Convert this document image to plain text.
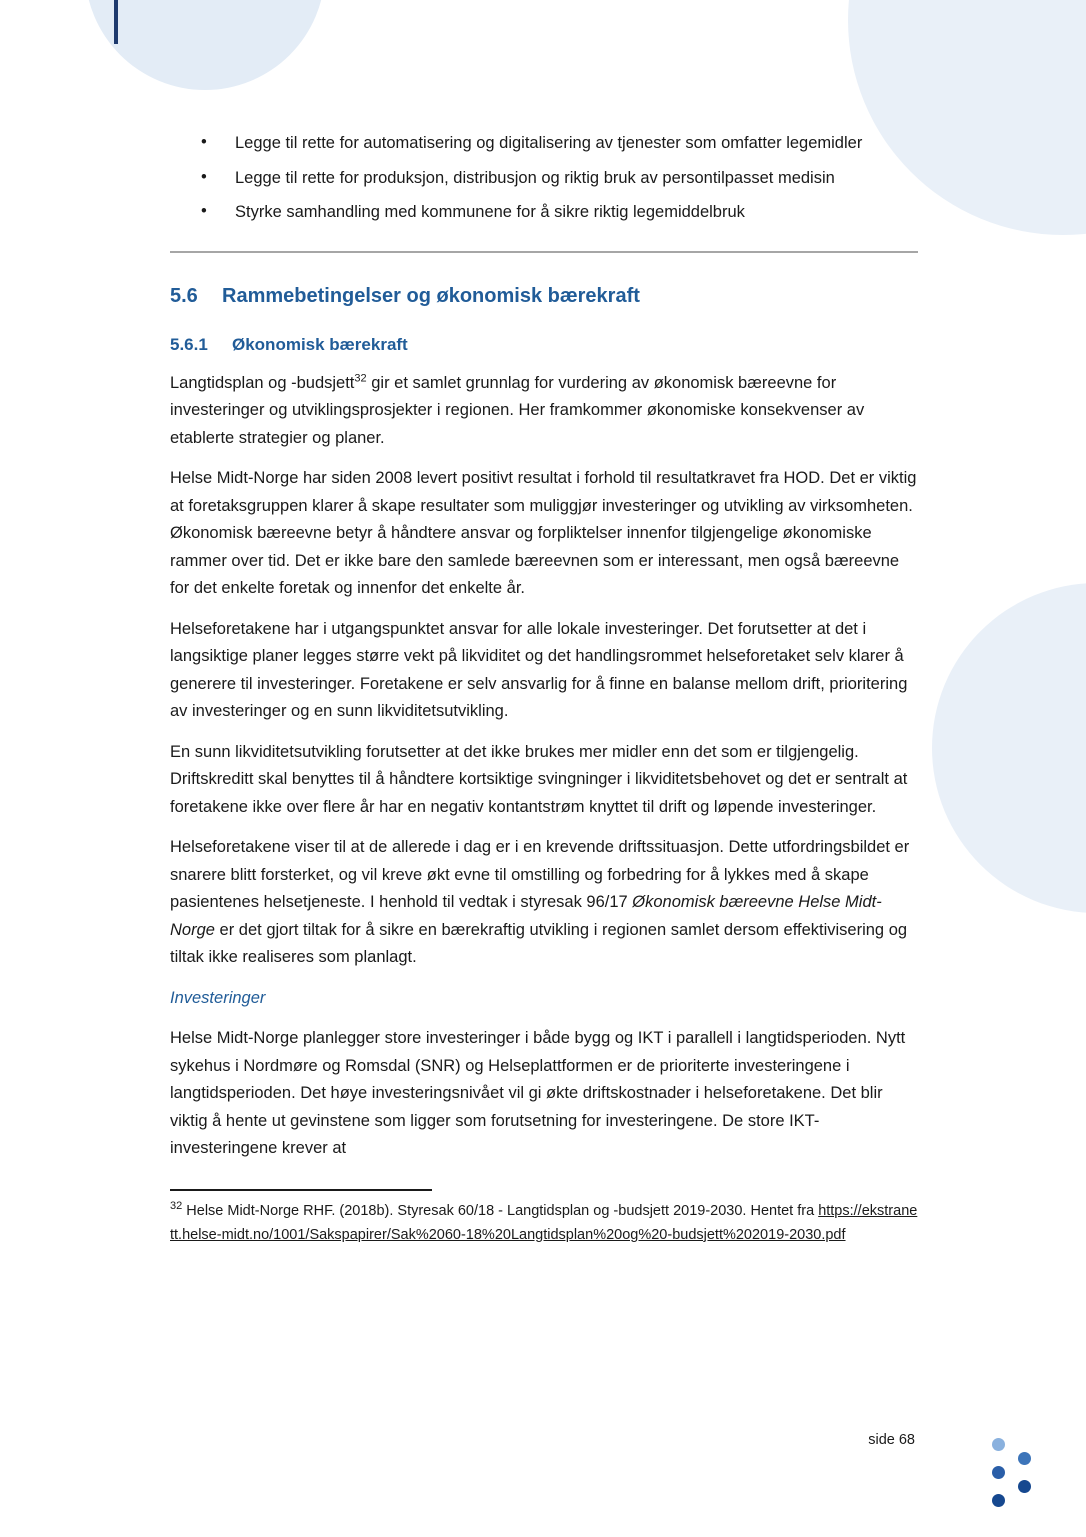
• Legge til rette for automatisering og digitalisering av tjenester som omfatter legemidler
• Legge til rette for produksjon, distribusjon og riktig bruk av persontilpasset medisin
• Styrke samhandling med kommunene for å sikre riktig legemiddelbruk
5.6 Rammebetingelser og økonomisk bærekraft
5.6.1 Økonomisk bærekraft

Langtidsplan og -budsjett$^{32}$ gir et samlet grunnlag for vurdering av økonomisk bæreevne for investeringer og utviklingsprosjekter i regionen. Her framkommer økonomiske konsekvenser av etablerte strategier og planer.

Helse Midt-Norge har siden 2008 levert positivt resultat i forhold til resultatkravet fra HOD. Det er viktig at foretaksgruppen klarer å skape resultater som muliggjør investeringer og utvikling av virksomheten. Økonomisk bæreevne betyr å håndtere ansvar og forpliktelser innenfor tilgjengelige økonomiske rammer over tid. Det er ikke bare den samlede bæreevnen som er interessant, men også bæreevne for det enkelte foretak og innenfor det enkelte år.

Helseforetakene har i utgangspunktet ansvar for alle lokale investeringer. Det forutsetter at det i langsiktige planer legges større vekt på likviditet og det handlingsrommet helseforetaket selv klarer å generere til investeringer. Foretakene er selv ansvarlig for å finne en balanse mellom drift, prioritering av investeringer og en sunn likviditetsutvikling.

En sunn likviditetsutvikling forutsetter at det ikke brukes mer midler enn det som er tilgjengelig. Driftskreditt skal benyttes til å håndtere kortsiktige svingninger i likviditetsbehovet og det er sentralt at foretakene ikke over flere år har en negativ kontantstrøm knyttet til drift og løpende investeringer.

Helseforetakene viser til at de allerede i dag er i en krevende driftssituasjon. Dette utfordringsbildet er snarere blitt forsterket, og vil kreve økt evne til omstilling og forbedring for å lykkes med å skape pasientenes helsetjeneste. I henhold til vedtak i styresak 96/17 Økonomisk bæreevne Helse Midt-Norge er det gjort tiltak for å sikre en bærekraftig utvikling i regionen samlet dersom effektivisering og tiltak ikke realiseres som planlagt.

Investeringer

Helse Midt-Norge planlegger store investeringer i både bygg og IKT i parallell i langtidsperioden. Nytt sykehus i Nordmøre og Romsdal (SNR) og Helseplattformen er de prioriterte investeringene i langtidsperioden. Det høye investeringsnivået vil gi økte driftskostnader i helseforetakene. Det blir viktig å hente ut gevinstene som ligger som forutsetning for investeringene. De store IKT-investeringene krever at

$^{32}$ Helse Midt-Norge RHF. (2018b). Styresak 60/18 - Langtidsplan og -budsjett 2019-2030. Hentet fra https://ekstranett.helse-midt.no/1001/Sakspapirer/Sak%2060-18%20Langtidsplan%20og%20-budsjett%202019-2030.pdf
side 68
